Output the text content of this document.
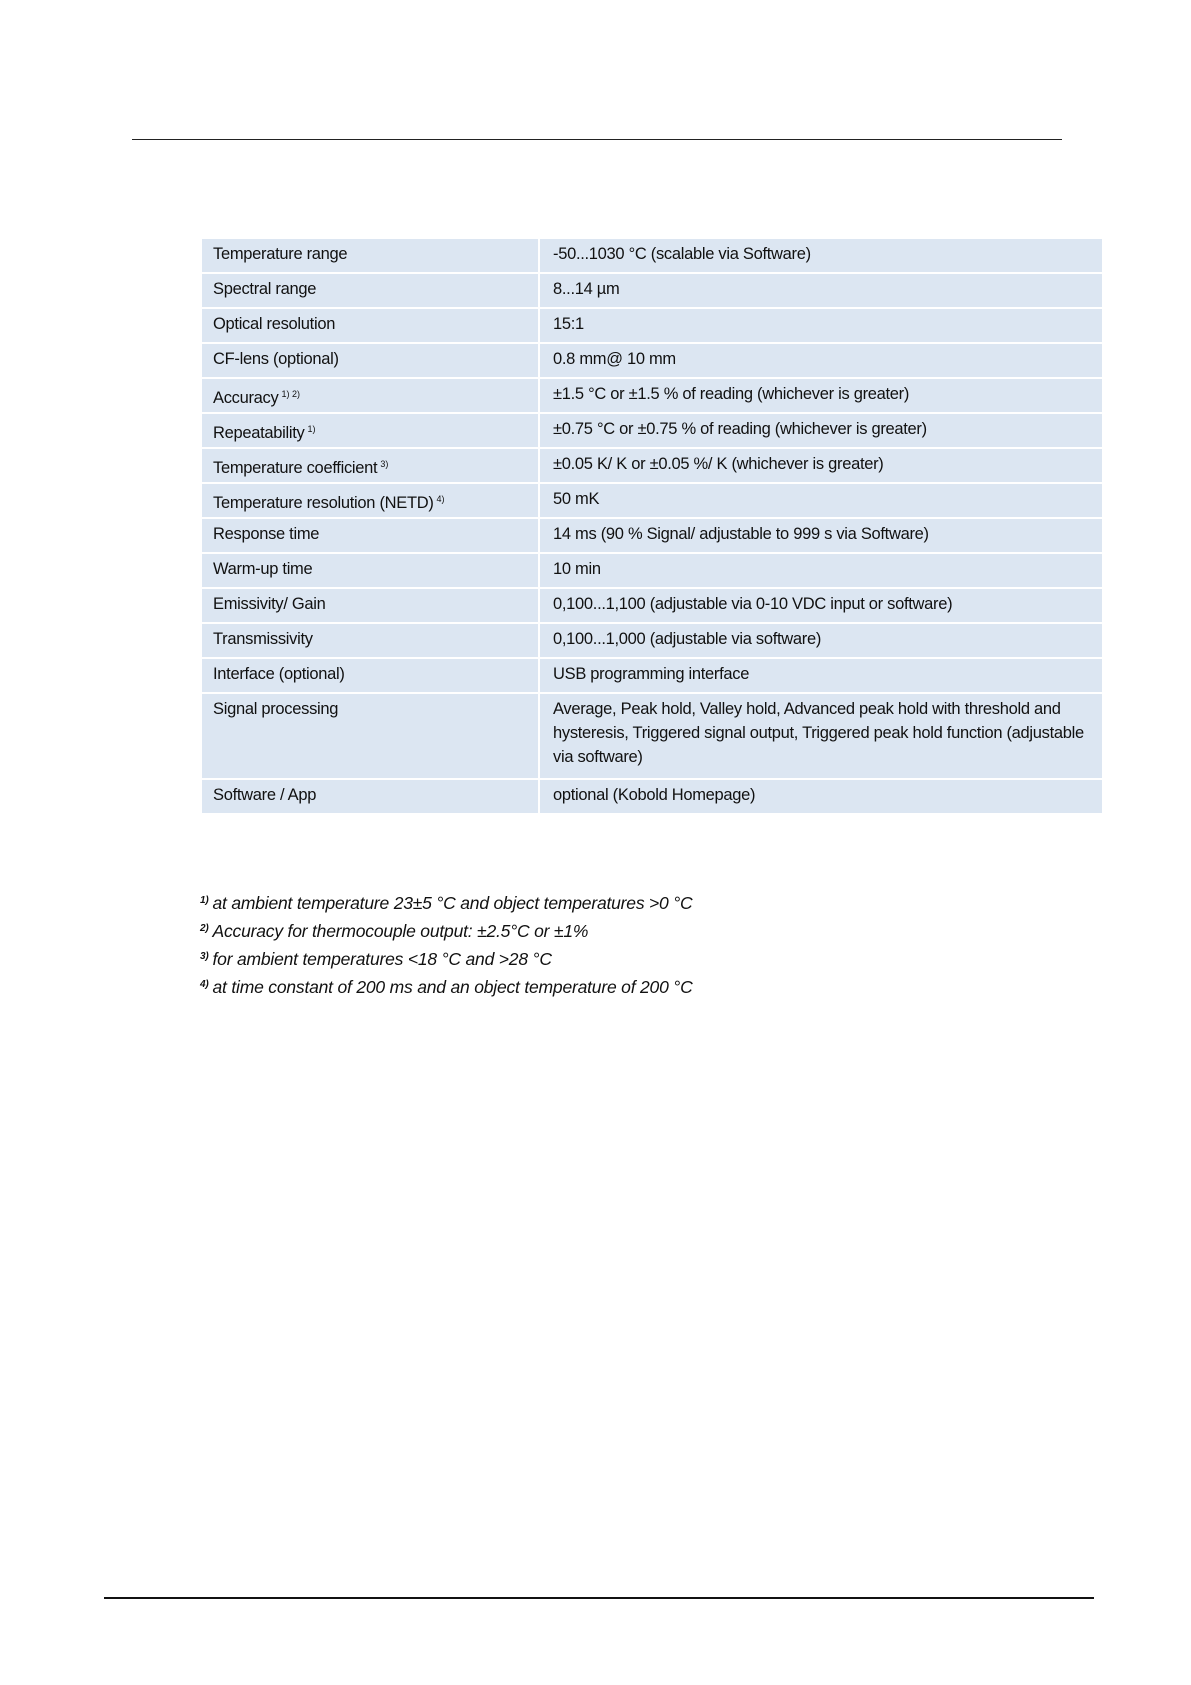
Temperature range	-50...1030 °C (scalable via Software)
Spectral range	8...14 µm
Optical resolution	15:1
CF-lens (optional)	0.8 mm@ 10 mm
Accuracy $^{1) 2)}$	±1.5 °C or ±1.5 % of reading (whichever is greater)
Repeatability $^{1)}$	±0.75 °C or ±0.75 % of reading (whichever is greater)
Temperature coefficient $^{3)}$	±0.05 K/ K or ±0.05 %/ K (whichever is greater)
Temperature resolution (NETD) $^{4)}$	50 mK
Response time	14 ms (90 % Signal/ adjustable to 999 s via Software)
Warm-up time	10 min
Emissivity/ Gain	0,100...1,100 (adjustable via 0-10 VDC input or software)
Transmissivity	0,100...1,000 (adjustable via software)
Interface (optional)	USB programming interface
Signal processing	Average, Peak hold, Valley hold, Advanced peak hold with threshold and hysteresis, Triggered signal output, Triggered peak hold function (adjustable via software)
Software / App	optional (Kobold Homepage)
$^{1)}$ at ambient temperature 23±5 °C and object temperatures >0 °C
$^{2)}$ Accuracy for thermocouple output: ±2.5°C or ±1%
$^{3)}$ for ambient temperatures <18 °C and >28 °C
$^{4)}$ at time constant of 200 ms and an object temperature of 200 °C
